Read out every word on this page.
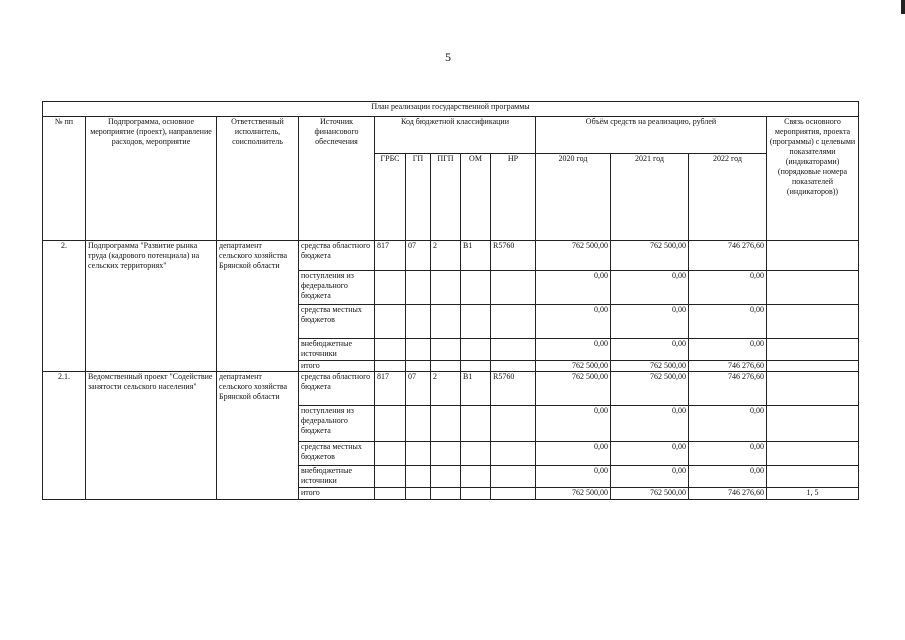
5
План реализации государственной программы												
№ пп	Подпрограмма, основное мероприятие (проект), направление расходов, мероприятие	Ответственный исполнитель, соисполнитель	Источник финансового обеспечения	Код бюджетной классификации					Объём средств на реализацию, рублей			Связь основного мероприятия, проекта (программы) с целевыми показателями (индикаторами) (порядковые номера показателей (индикаторов))
				ГРБС	ГП	ПГП	ОМ	НР	2020 год	2021 год	2022 год	
2.	Подпрограмма "Развитие рынка труда (кадрового потенциала) на сельских территориях"	департамент сельского хозяйства Брянской области	средства областного бюджета	817	07	2	В1	R5760	762 500,00	762 500,00	746 276,60	
			поступления из федерального бюджета						0,00	0,00	0,00	
			средства местных бюджетов						0,00	0,00	0,00	
			внебюджетные источники						0,00	0,00	0,00	
			итого						762 500,00	762 500,00	746 276,60	
2.1.	Ведомственный проект "Содействие занятости сельского населения"	департамент сельского хозяйства Брянской области	средства областного бюджета	817	07	2	В1	R5760	762 500,00	762 500,00	746 276,60	
			поступления из федерального бюджета						0,00	0,00	0,00	
			средства местных бюджетов						0,00	0,00	0,00	
			внебюджетные источники						0,00	0,00	0,00	
			итого						762 500,00	762 500,00	746 276,60	1, 5
